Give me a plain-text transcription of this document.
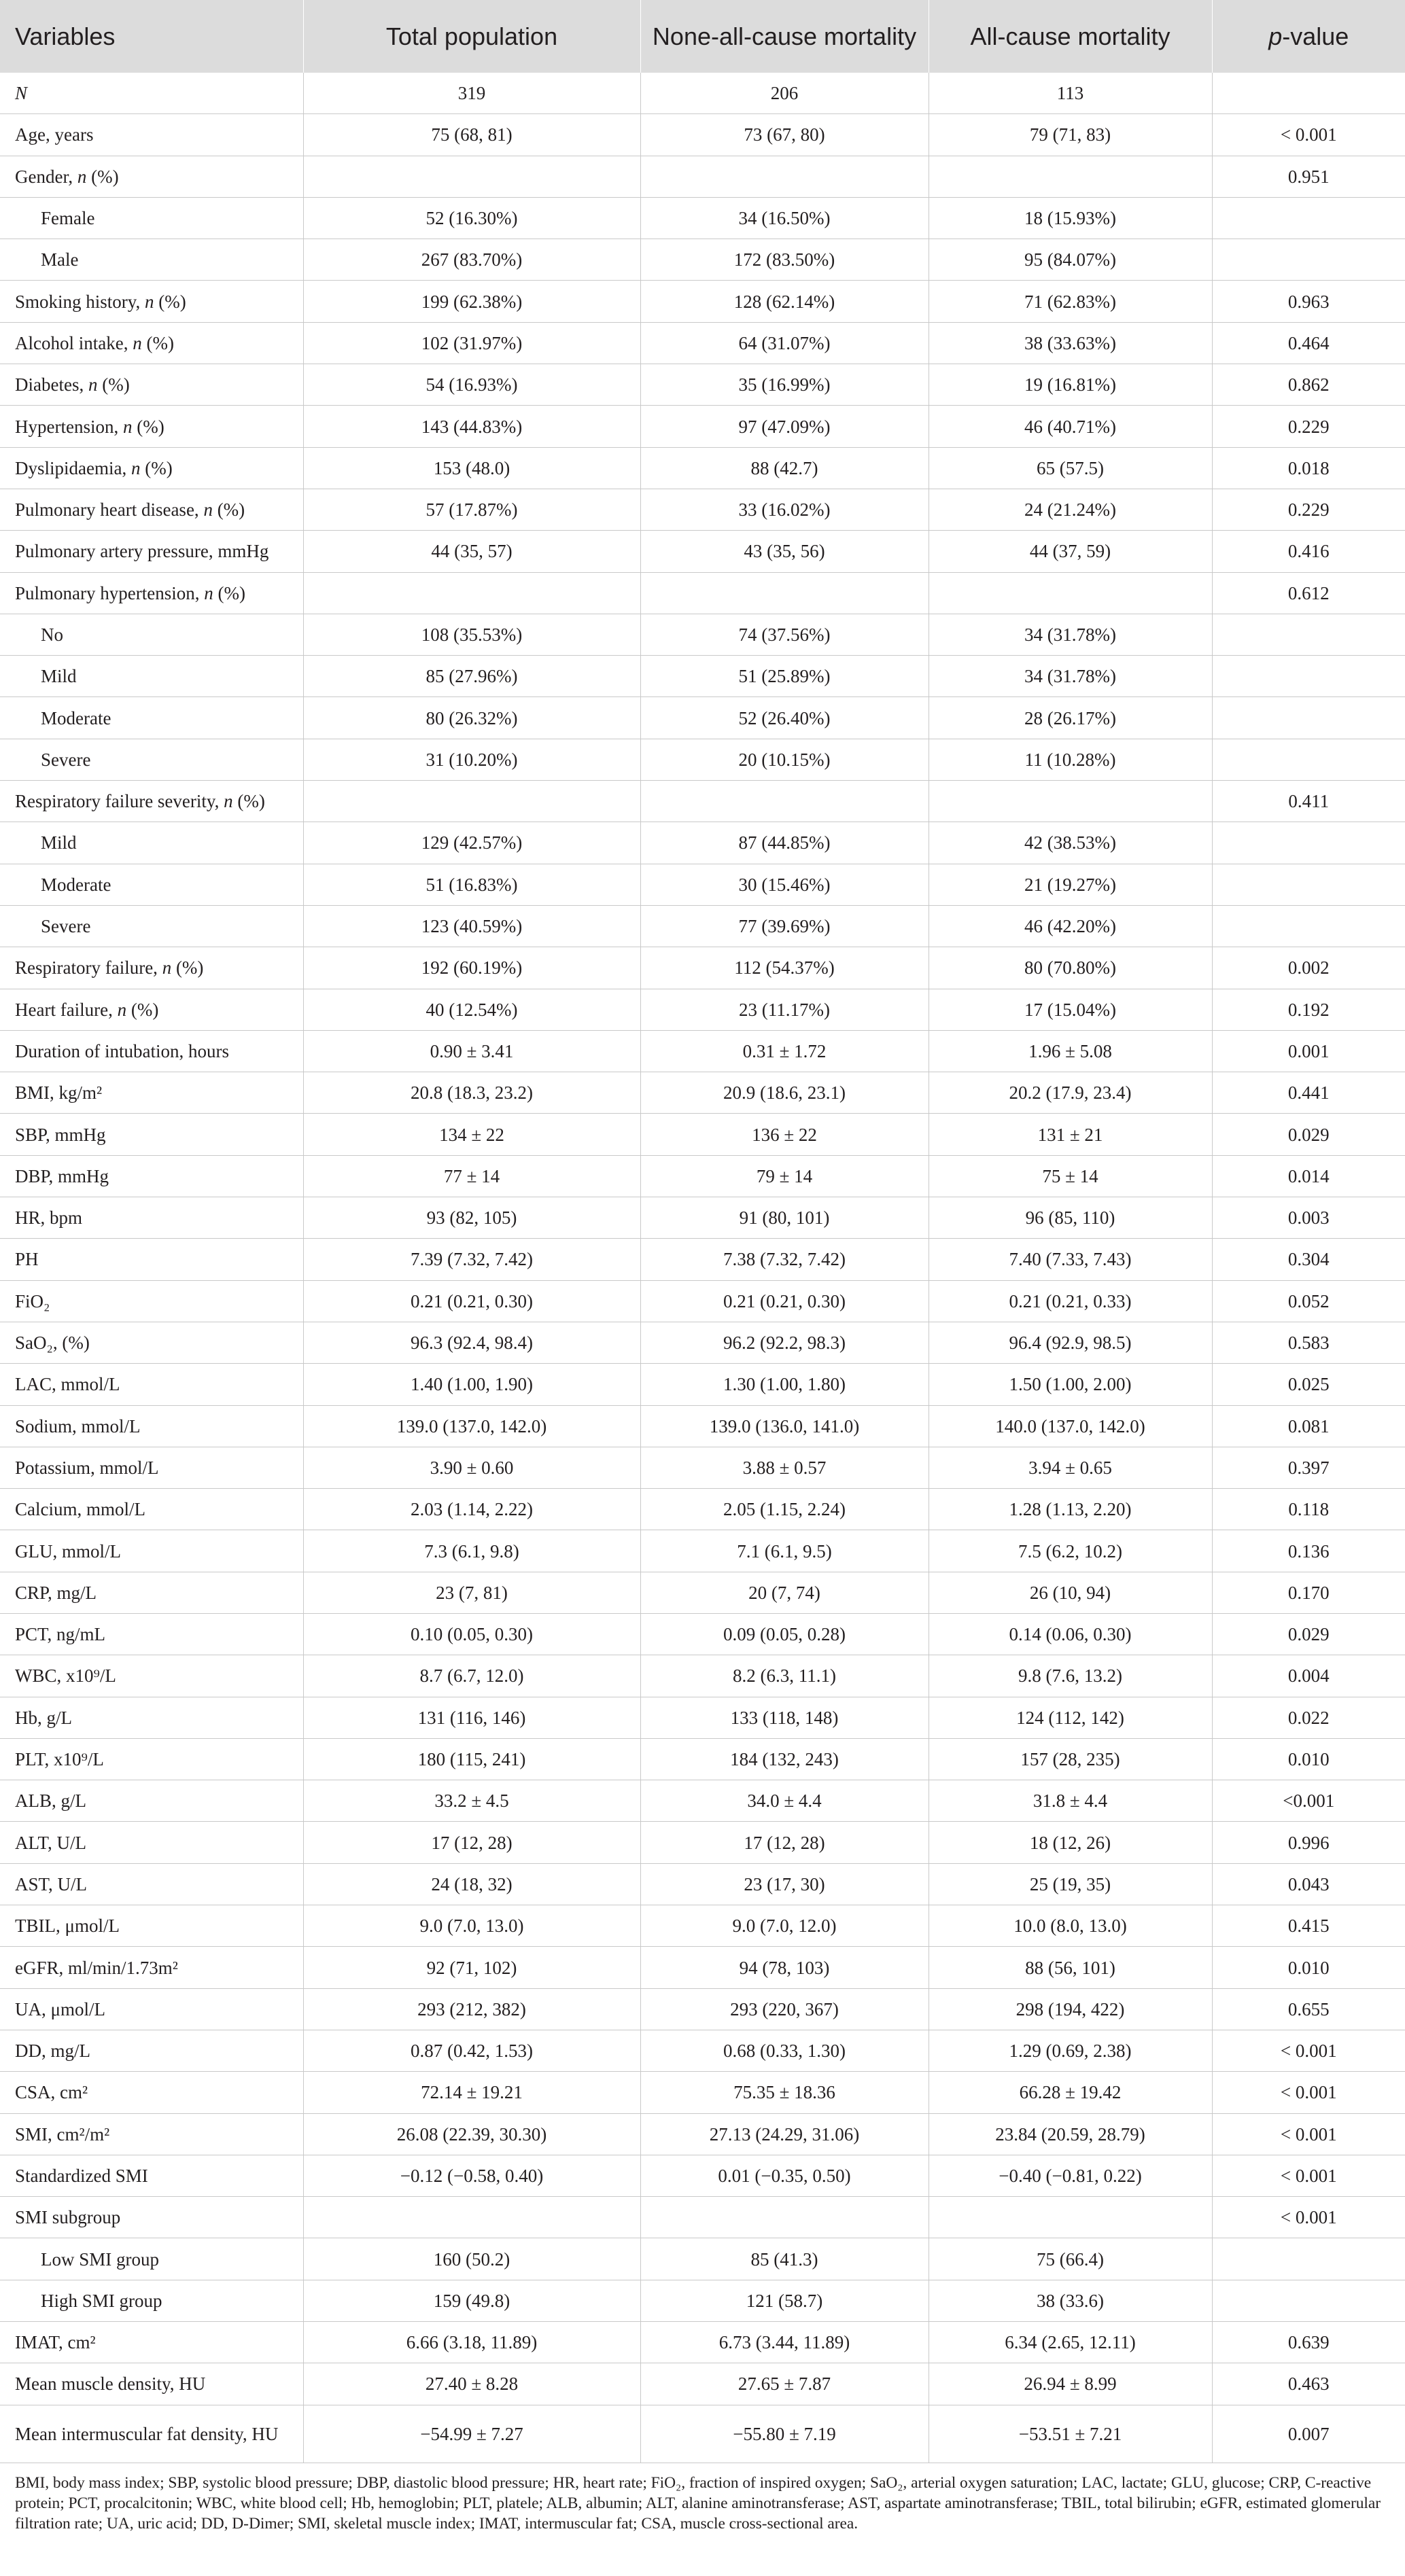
Variables	Total population	None-all-cause mortality	All-cause mortality	p-value
N	319	206	113	
Age, years	75 (68, 81)	73 (67, 80)	79 (71, 83)	< 0.001
Gender, n (%)				0.951
Female	52 (16.30%)	34 (16.50%)	18 (15.93%)	
Male	267 (83.70%)	172 (83.50%)	95 (84.07%)	
Smoking history, n (%)	199 (62.38%)	128 (62.14%)	71 (62.83%)	0.963
Alcohol intake, n (%)	102 (31.97%)	64 (31.07%)	38 (33.63%)	0.464
Diabetes, n (%)	54 (16.93%)	35 (16.99%)	19 (16.81%)	0.862
Hypertension, n (%)	143 (44.83%)	97 (47.09%)	46 (40.71%)	0.229
Dyslipidaemia, n (%)	153 (48.0)	88 (42.7)	65 (57.5)	0.018
Pulmonary heart disease, n (%)	57 (17.87%)	33 (16.02%)	24 (21.24%)	0.229
Pulmonary artery pressure, mmHg	44 (35, 57)	43 (35, 56)	44 (37, 59)	0.416
Pulmonary hypertension, n (%)				0.612
No	108 (35.53%)	74 (37.56%)	34 (31.78%)	
Mild	85 (27.96%)	51 (25.89%)	34 (31.78%)	
Moderate	80 (26.32%)	52 (26.40%)	28 (26.17%)	
Severe	31 (10.20%)	20 (10.15%)	11 (10.28%)	
Respiratory failure severity, n (%)				0.411
Mild	129 (42.57%)	87 (44.85%)	42 (38.53%)	
Moderate	51 (16.83%)	30 (15.46%)	21 (19.27%)	
Severe	123 (40.59%)	77 (39.69%)	46 (42.20%)	
Respiratory failure, n (%)	192 (60.19%)	112 (54.37%)	80 (70.80%)	0.002
Heart failure, n (%)	40 (12.54%)	23 (11.17%)	17 (15.04%)	0.192
Duration of intubation, hours	0.90 ± 3.41	0.31 ± 1.72	1.96 ± 5.08	0.001
BMI, kg/m²	20.8 (18.3, 23.2)	20.9 (18.6, 23.1)	20.2 (17.9, 23.4)	0.441
SBP, mmHg	134 ± 22	136 ± 22	131 ± 21	0.029
DBP, mmHg	77 ± 14	79 ± 14	75 ± 14	0.014
HR, bpm	93 (82, 105)	91 (80, 101)	96 (85, 110)	0.003
PH	7.39 (7.32, 7.42)	7.38 (7.32, 7.42)	7.40 (7.33, 7.43)	0.304
FiO₂	0.21 (0.21, 0.30)	0.21 (0.21, 0.30)	0.21 (0.21, 0.33)	0.052
SaO₂, (%)	96.3 (92.4, 98.4)	96.2 (92.2, 98.3)	96.4 (92.9, 98.5)	0.583
LAC, mmol/L	1.40 (1.00, 1.90)	1.30 (1.00, 1.80)	1.50 (1.00, 2.00)	0.025
Sodium, mmol/L	139.0 (137.0, 142.0)	139.0 (136.0, 141.0)	140.0 (137.0, 142.0)	0.081
Potassium, mmol/L	3.90 ± 0.60	3.88 ± 0.57	3.94 ± 0.65	0.397
Calcium, mmol/L	2.03 (1.14, 2.22)	2.05 (1.15, 2.24)	1.28 (1.13, 2.20)	0.118
GLU, mmol/L	7.3 (6.1, 9.8)	7.1 (6.1, 9.5)	7.5 (6.2, 10.2)	0.136
CRP, mg/L	23 (7, 81)	20 (7, 74)	26 (10, 94)	0.170
PCT, ng/mL	0.10 (0.05, 0.30)	0.09 (0.05, 0.28)	0.14 (0.06, 0.30)	0.029
WBC, x10⁹/L	8.7 (6.7, 12.0)	8.2 (6.3, 11.1)	9.8 (7.6, 13.2)	0.004
Hb, g/L	131 (116, 146)	133 (118, 148)	124 (112, 142)	0.022
PLT, x10⁹/L	180 (115, 241)	184 (132, 243)	157 (28, 235)	0.010
ALB, g/L	33.2 ± 4.5	34.0 ± 4.4	31.8 ± 4.4	<0.001
ALT, U/L	17 (12, 28)	17 (12, 28)	18 (12, 26)	0.996
AST, U/L	24 (18, 32)	23 (17, 30)	25 (19, 35)	0.043
TBIL, μmol/L	9.0 (7.0, 13.0)	9.0 (7.0, 12.0)	10.0 (8.0, 13.0)	0.415
eGFR, ml/min/1.73m²	92 (71, 102)	94 (78, 103)	88 (56, 101)	0.010
UA, μmol/L	293 (212, 382)	293 (220, 367)	298 (194, 422)	0.655
DD, mg/L	0.87 (0.42, 1.53)	0.68 (0.33, 1.30)	1.29 (0.69, 2.38)	< 0.001
CSA, cm²	72.14 ± 19.21	75.35 ± 18.36	66.28 ± 19.42	< 0.001
SMI, cm²/m²	26.08 (22.39, 30.30)	27.13 (24.29, 31.06)	23.84 (20.59, 28.79)	< 0.001
Standardized SMI	−0.12 (−0.58, 0.40)	0.01 (−0.35, 0.50)	−0.40 (−0.81, 0.22)	< 0.001
SMI subgroup				< 0.001
Low SMI group	160 (50.2)	85 (41.3)	75 (66.4)	
High SMI group	159 (49.8)	121 (58.7)	38 (33.6)	
IMAT, cm²	6.66 (3.18, 11.89)	6.73 (3.44, 11.89)	6.34 (2.65, 12.11)	0.639
Mean muscle density, HU	27.40 ± 8.28	27.65 ± 7.87	26.94 ± 8.99	0.463
Mean intermuscular fat density, HU	−54.99 ± 7.27	−55.80 ± 7.19	−53.51 ± 7.21	0.007
BMI, body mass index; SBP, systolic blood pressure; DBP, diastolic blood pressure; HR, heart rate; FiO₂, fraction of inspired oxygen; SaO₂, arterial oxygen saturation; LAC, lactate; GLU, glucose; CRP, C-reactive protein; PCT, procalcitonin; WBC, white blood cell; Hb, hemoglobin; PLT, platele; ALB, albumin; ALT, alanine aminotransferase; AST, aspartate aminotransferase; TBIL, total bilirubin; eGFR, estimated glomerular filtration rate; UA, uric acid; DD, D-Dimer; SMI, skeletal muscle index; IMAT, intermuscular fat; CSA, muscle cross-sectional area.
